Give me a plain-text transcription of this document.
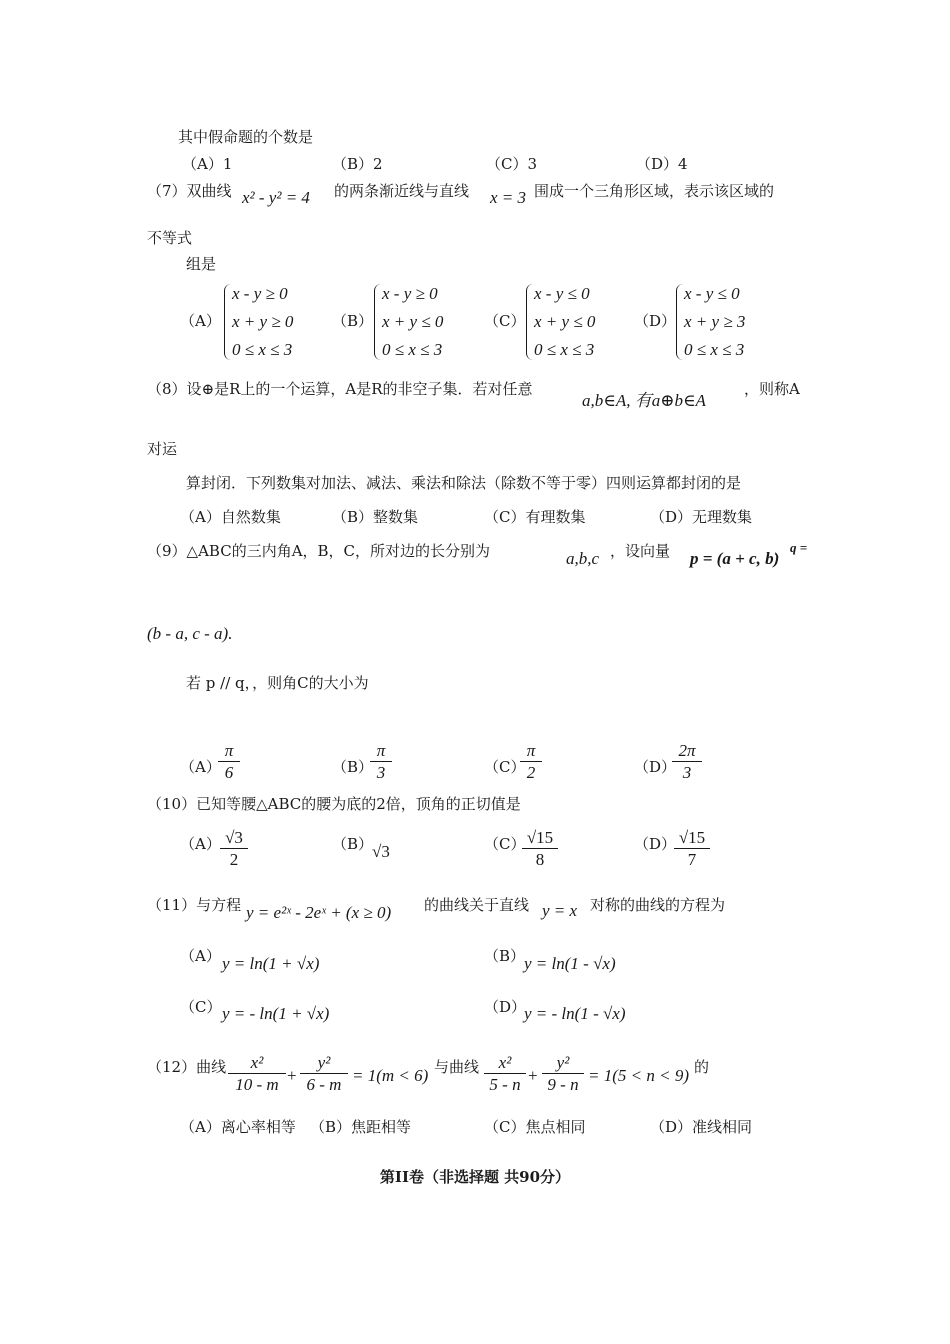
其中假命题的个数是
（A）1	（B）2	（C）3	（D）4
（7）双曲线 x² - y² = 4 的两条渐近线与直线 x = 3 围成一个三角形区域，表示该区域的
不等式
组是
（A）
x - y ≥ 0
x + y ≥ 0
0 ≤ x ≤ 3
（B）
x - y ≥ 0
x + y ≤ 0
0 ≤ x ≤ 3
（C）
x - y ≤ 0
x + y ≤ 0
0 ≤ x ≤ 3
（D）
x - y ≤ 0
x + y ≥ 3
0 ≤ x ≤ 3
（8）设⊕是R上的一个运算，A是R的非空子集．若对任意
a,b∈A, 有a⊕b∈A
，则称A
对运
算封闭．下列数集对加法、减法、乘法和除法（除数不等于零）四则运算都封闭的是
（A）自然数集	（B）整数集	（C）有理数集	（D）无理数集
（9）△ABC的三内角A，B，C，所对边的长分别为	a,b,c ，设向量 p = (a + c, b)
、 q =
(b - a, c - a).
若 p // q，，则角C的大小为
（A）
$\frac{\pi}{6}$	（B）
$\frac{\pi}{3}$	（C）
$\frac{\pi}{2}$	（D）
$\frac{2\pi}{3}$
（10）已知等腰△ABC的腰为底的2倍，顶角的正切值是
$(A) \frac{√3}{2}$	（B）
√3	（C）
$\frac{√15}{8}$	（D）
$\frac{√15}{7}$
（11）与方程 y = e²ˣ - 2eˣ + (x ≥ 0) 的曲线关于直线 y = x 对称的曲线的方程为
（A） y = ln(1 + √x)	（B）
y = ln(1 - √x)
（C） y = - ln(1 + √x)	（D）
y = - ln(1 - √x)
（12）曲线 $\frac{\text{x²}}{10 - m} + \frac{\text{y²}}{6 - m} = 1(m < 6)$ 与曲线 $\frac{\text{x²}}{5 - n} + \frac{\text{y²}}{9 - n} = 1(5 < n < 9)$ 的
（A）离心率相等 （B）焦距相等	（C）焦点相同	（D）准线相同
第II卷（非选择题 共90分）
